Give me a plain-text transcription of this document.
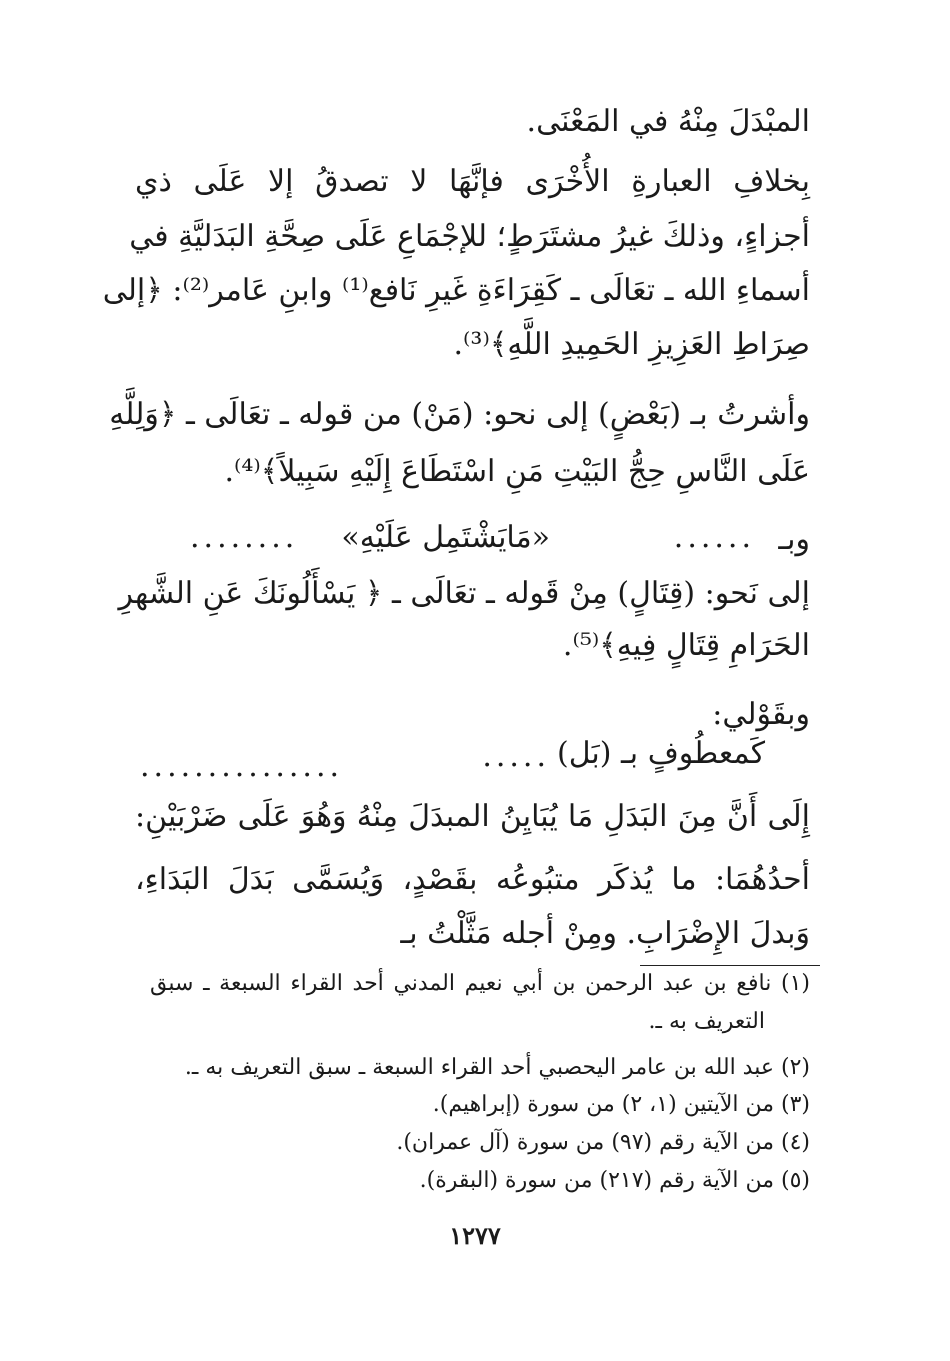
المبْدَلَ مِنْهُ في المَعْنَى.
بِخلافِ العبارةِ الأُخْرَى فإنَّهَا لا تصدقُ إلا عَلَى ذي
أجزاءٍ، وذلكَ غيرُ مشتَرَطٍ؛ للإجْمَاعِ عَلَى صِحَّةِ البَدَليَّةِ في
أسماءِ الله ـ تعَالَى ـ كَقِرَاءَةِ غَيرِ نَافع⁽¹⁾ وابنِ عَامر⁽²⁾: ﴿إلى
صِرَاطِ العَزِيزِ الحَمِيدِ اللَّهِ﴾⁽³⁾.
وأشرتُ بـ (بَعْضٍ) إلى نحو: (مَنْ) من قوله ـ تعَالَى ـ ﴿وَلِلَّهِ
عَلَى النَّاسِ حِجُّ البَيْتِ مَنِ اسْتَطَاعَ إِلَيْهِ سَبِيلاً﴾⁽⁴⁾.
وبـ
......
«مَايَشْتَمِل عَلَيْهِ»
........
إلى نَحو: (قِتَالٍ) مِنْ قَوله ـ تعَالَى ـ ﴿ يَسْأَلُونَكَ عَنِ الشَّهرِ
الحَرَامِ قِتَالٍ فِيهِ﴾⁽⁵⁾.
وبقَوْلي:
كَمعطُوفٍ بـ (بَل)
.....
...............
إِلَى أَنَّ مِنَ البَدَلِ مَا يُبَايِنُ المبدَلَ مِنْهُ وَهُوَ عَلَى ضَرْبَيْنِ:
أحدُهُمَا: ما يُذكَر متبُوعُه بقَصْدٍ، وَيُسَمَّى بَدَلَ البَدَاءِ،
وَبدلَ الإِضْرَابِ. ومِنْ أجله مَثَّلْتُ بـ
(١) نافع بن عبد الرحمن بن أبي نعيم المدني أحد القراء السبعة ـ سبق
التعريف به ـ.
(٢) عبد الله بن عامر اليحصبي أحد القراء السبعة ـ سبق التعريف به ـ.
(٣) من الآيتين (١، ٢) من سورة (إبراهيم).
(٤) من الآية رقم (٩٧) من سورة (آل عمران).
(٥) من الآية رقم (٢١٧) من سورة (البقرة).
١٢٧٧
